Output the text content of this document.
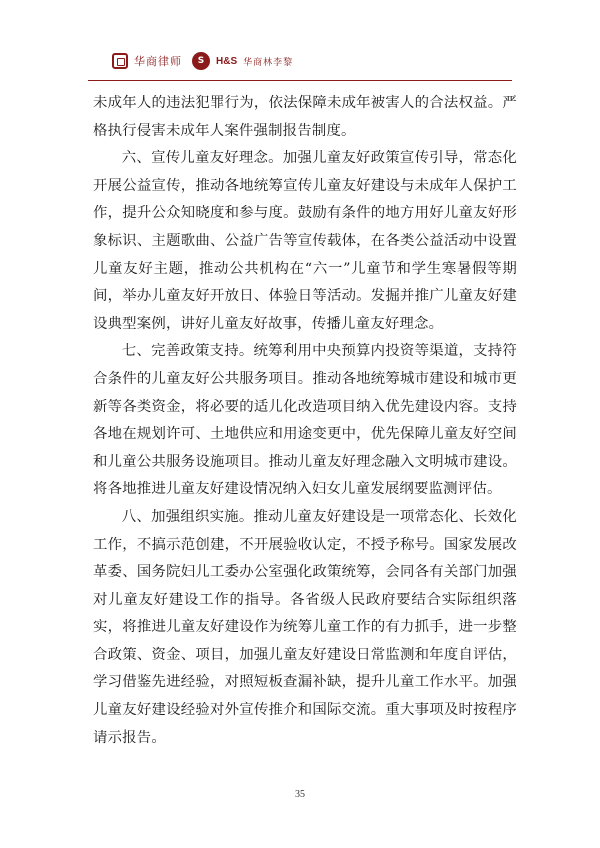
华商律师	S	H&S 华商林李黎

未成年人的违法犯罪行为，依法保障未成年被害人的合法权益。严格执行侵害未成年人案件强制报告制度。

六、宣传儿童友好理念。加强儿童友好政策宣传引导，常态化开展公益宣传，推动各地统筹宣传儿童友好建设与未成年人保护工作，提升公众知晓度和参与度。鼓励有条件的地方用好儿童友好形象标识、主题歌曲、公益广告等宣传载体，在各类公益活动中设置儿童友好主题，推动公共机构在“六一”儿童节和学生寒暑假等期间，举办儿童友好开放日、体验日等活动。发掘并推广儿童友好建设典型案例，讲好儿童友好故事，传播儿童友好理念。

七、完善政策支持。统筹利用中央预算内投资等渠道，支持符合条件的儿童友好公共服务项目。推动各地统筹城市建设和城市更新等各类资金，将必要的适儿化改造项目纳入优先建设内容。支持各地在规划许可、土地供应和用途变更中，优先保障儿童友好空间和儿童公共服务设施项目。推动儿童友好理念融入文明城市建设。将各地推进儿童友好建设情况纳入妇女儿童发展纲要监测评估。

八、加强组织实施。推动儿童友好建设是一项常态化、长效化工作，不搞示范创建，不开展验收认定，不授予称号。国家发展改革委、国务院妇儿工委办公室强化政策统筹，会同各有关部门加强对儿童友好建设工作的指导。各省级人民政府要结合实际组织落实，将推进儿童友好建设作为统筹儿童工作的有力抓手，进一步整合政策、资金、项目，加强儿童友好建设日常监测和年度自评估，学习借鉴先进经验，对照短板查漏补缺，提升儿童工作水平。加强儿童友好建设经验对外宣传推介和国际交流。重大事项及时按程序请示报告。

35
